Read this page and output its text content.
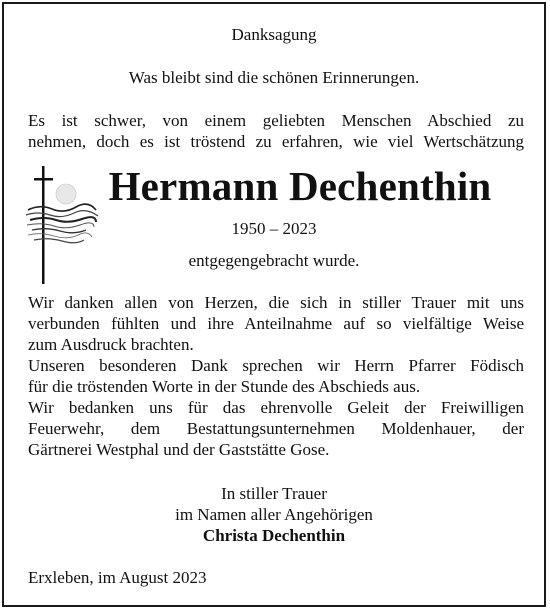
Danksagung
Was bleibt sind die schönen Erinnerungen.
Es ist schwer, von einem geliebten Menschen Abschied zu
nehmen, doch es ist tröstend zu erfahren, wie viel Wertschätzung
Hermann Dechenthin
1950 – 2023
entgegengebracht wurde.
Wir danken allen von Herzen, die sich in stiller Trauer mit uns
verbunden fühlten und ihre Anteilnahme auf so vielfältige Weise
zum Ausdruck brachten.
Unseren besonderen Dank sprechen wir Herrn Pfarrer Födisch
für die tröstenden Worte in der Stunde des Abschieds aus.
Wir bedanken uns für das ehrenvolle Geleit der Freiwilligen
Feuerwehr, dem Bestattungsunternehmen Moldenhauer, der
Gärtnerei Westphal und der Gaststätte Gose.
In stiller Trauer
im Namen aller Angehörigen
Christa Dechenthin
Erxleben, im August 2023
